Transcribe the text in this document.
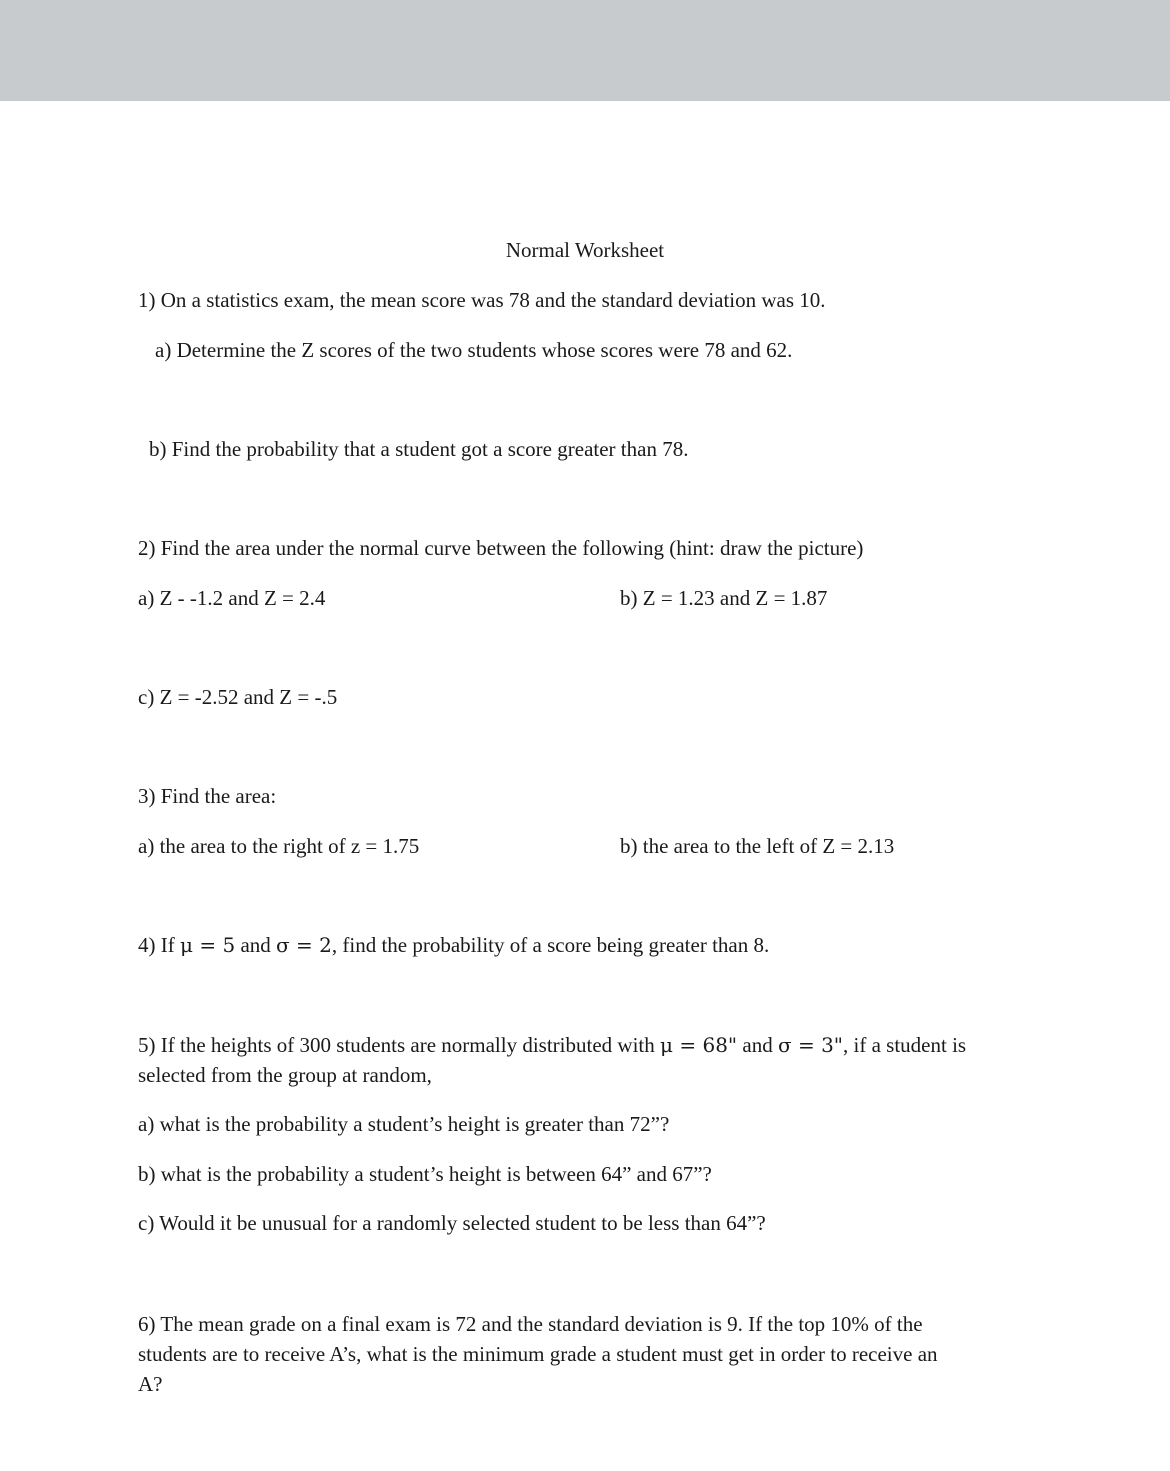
Normal Worksheet
1) On a statistics exam, the mean score was 78 and the standard deviation was 10.
a) Determine the Z scores of the two students whose scores were 78 and 62.
b) Find the probability that a student got a score greater than 78.
2) Find the area under the normal curve between the following (hint: draw the picture)
a) Z - -1.2 and Z = 2.4	b) Z = 1.23 and Z = 1.87
c) Z = -2.52 and Z = -.5
3) Find the area:
a) the area to the right of z = 1.75	b) the area to the left of Z = 2.13
4) If μ = 5 and σ = 2, find the probability of a score being greater than 8.
5) If the heights of 300 students are normally distributed with μ = 68" and σ = 3", if a student is
selected from the group at random,
a) what is the probability a student’s height is greater than 72”?
b) what is the probability a student’s height is between 64” and 67”?
c) Would it be unusual for a randomly selected student to be less than 64”?
6) The mean grade on a final exam is 72 and the standard deviation is 9. If the top 10% of the
students are to receive A’s, what is the minimum grade a student must get in order to receive an
A?
